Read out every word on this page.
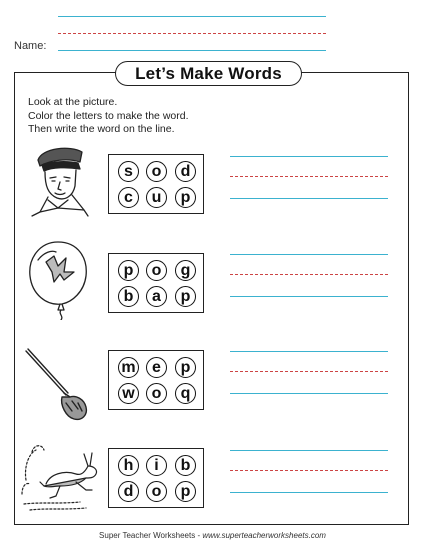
Name:
Let’s Make Words
Look at the picture.
Color the letters to make the word.
Then write the word on the line.
s	o	d
c	u	p
p	o	g
b	a	p
m	e	p
w	o	q
h	i	b
d	o	p
Super Teacher Worksheets - www.superteacherworksheets.com
